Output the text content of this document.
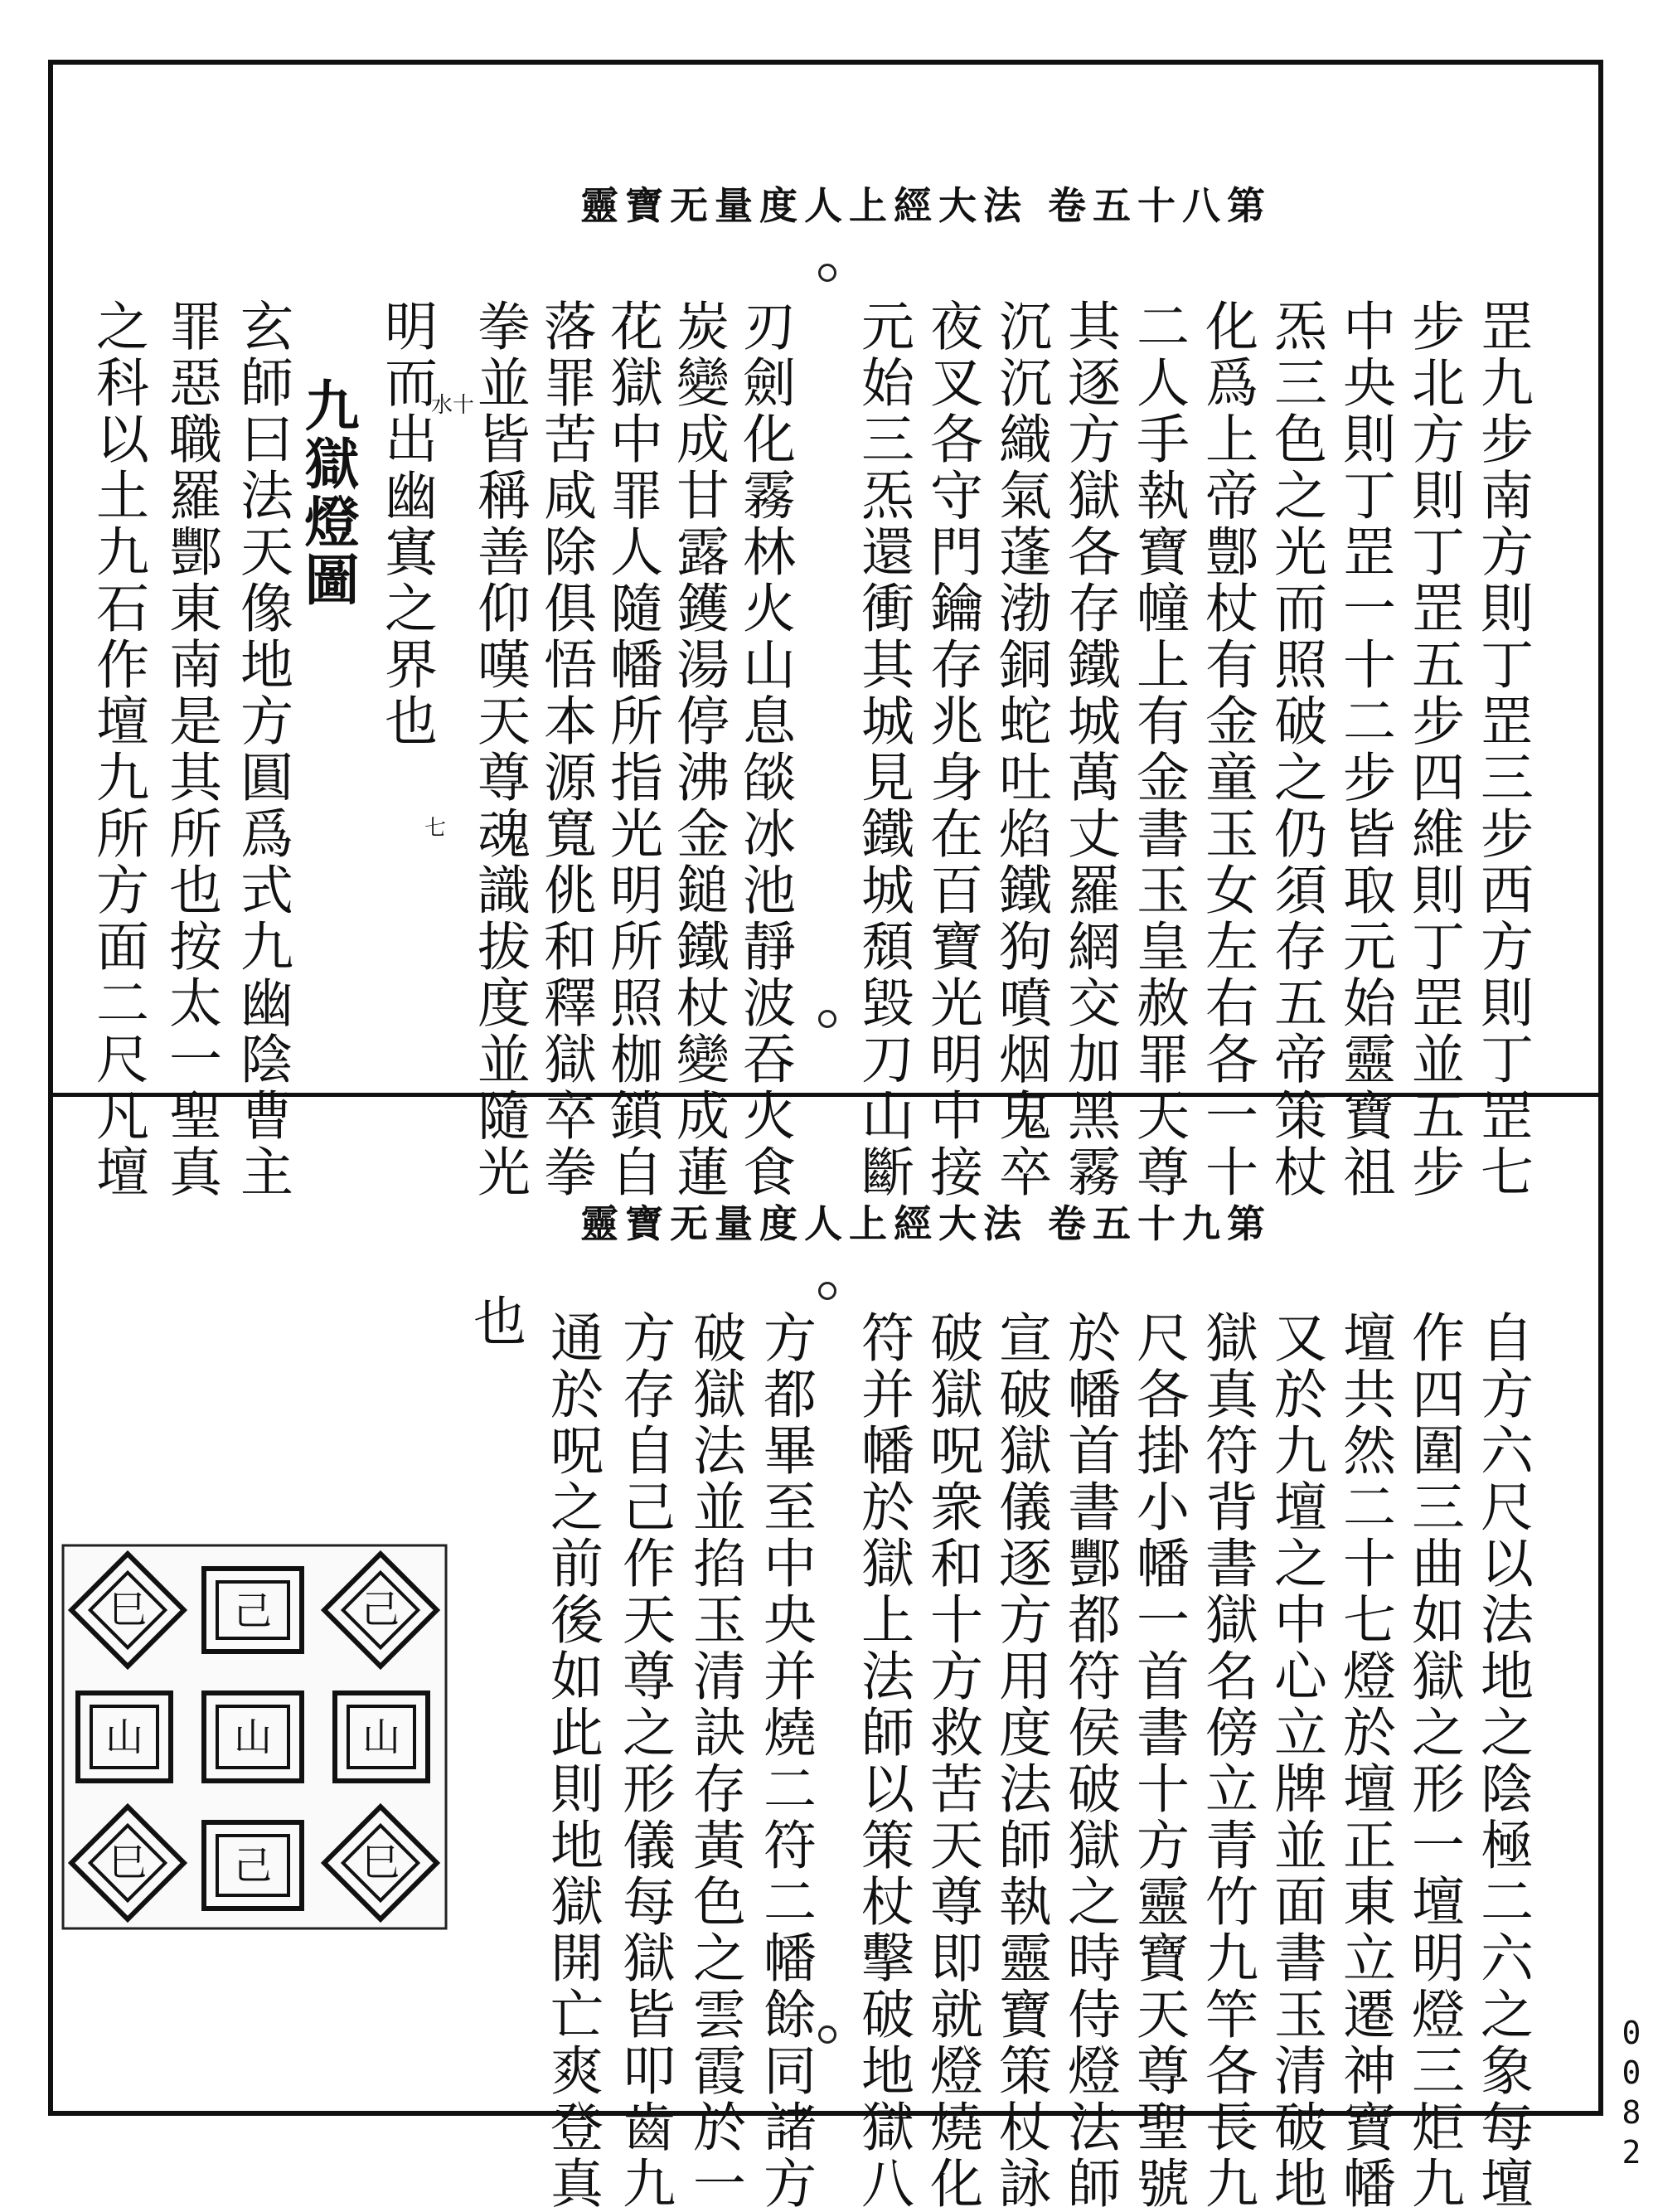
靈寶无量度人上經大法 卷五十八第
罡九步南方則丁罡三步西方則丁罡七
步北方則丁罡五步四維則丁罡並五步
中央則丁罡一十二步皆取元始靈寶祖
炁三色之光而照破之仍須存五帝策杖
化爲上帝鄷杖有金童玉女左右各一十
二人手執寶幢上有金書玉皇赦罪天尊
其逐方獄各存鐵城萬丈羅網交加黑霧
沉沉織氣蓬渤銅蛇吐焰鐵狗噴烟鬼卒
夜叉各守門鑰存兆身在百寶光明中接
元始三炁還衝其城見鐵城頹毀刀山斷
刃劍化霧林火山息燄冰池靜波吞火食
炭變成甘露鑊湯停沸金鎚鐵杖變成蓮
花獄中罪人隨幡所指光明所照枷鎖自
落罪苦咸除俱悟本源寬佻和釋獄卒拳
拳並皆稱善仰嘆天尊魂識拔度並隨光
明而出幽寘之界也
九獄燈圖
玄師曰法天像地方圓爲式九幽陰曹主
罪惡職羅酆東南是其所也按太一聖真
之科以土九石作壇九所方面二尺凡壇	水十
七
靈寶无量度人上經大法 卷五十九第
自方六尺以法地之陰極二六之象每壇
作四圍三曲如獄之形一壇明燈三炬九
壇共然二十七燈於壇正東立遷神寶幡
又於九壇之中心立牌並面書玉清破地
獄真符背書獄名傍立青竹九竿各長九
尺各掛小幡一首書十方靈寶天尊聖號
於幡首書酆都符侯破獄之時侍燈法師
宣破獄儀逐方用度法師執靈寶策杖詠
破獄呪衆和十方救苦天尊即就燈燒化
符并幡於獄上法師以策杖擊破地獄八
方都畢至中央并燒二符二幡餘同諸方
破獄法並掐玉清訣存黃色之雲霞於一
方存自己作天尊之形儀每獄皆叩齒九
通於呪之前後如此則地獄開亡爽登真
也
巳 己 己
山 山 山
巳 己 巳
0082
